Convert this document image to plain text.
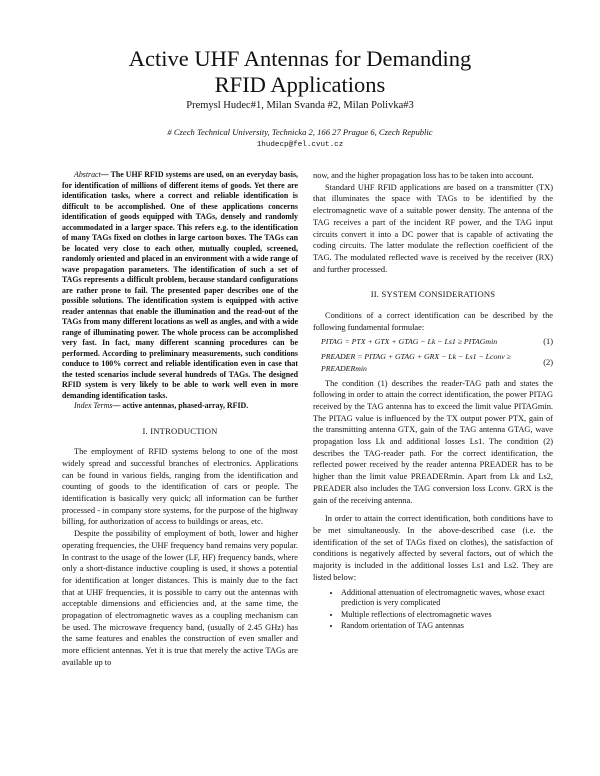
Active UHF Antennas for Demanding
RFID Applications
Premysl Hudec#1, Milan Svanda #2, Milan Polivka#3
# Czech Technical University, Technicka 2, 166 27 Prague 6, Czech Republic
1hudecp@fel.cvut.cz

Abstract— The UHF RFID systems are used, on an everyday basis, for identification of millions of different items of goods. Yet there are identification tasks, where a correct and reliable identification is difficult to be accomplished. One of these applications concerns identification of goods equipped with TAGs, densely and randomly accommodated in a larger space. This refers e.g. to the identification of many TAGs fixed on clothes in large cartoon boxes. The TAGs can be located very close to each other, mutually coupled, screened, randomly oriented and placed in an environment with a wide range of wave propagation parameters. The identification of such a set of TAGs represents a difficult problem, because standard configurations are rather prone to fail. The presented paper describes one of the possible solutions. The identification system is equipped with active reader antennas that enable the illumination and the read-out of the TAGs from many different locations as well as angles, and with a wide range of illuminating power. The whole process can be accomplished very fast. In fact, many different scanning procedures can be performed. According to preliminary measurements, such conditions conduce to 100% correct and reliable identification even in case that the tested scenarios include several hundreds of TAGs. The designed RFID system is very likely to be able to work well even in more demanding identification tasks.

Index Terms— active antennas, phased-array, RFID.

I. INTRODUCTION

The employment of RFID systems belong to one of the most widely spread and successful branches of electronics. Applications can be found in various fields, ranging from the identification and counting of goods to the identification of cars or people. The identification is basically very quick; all information can be further processed - in company store systems, for the purpose of the highway billing, for authorization of access to buildings or areas, etc.

Despite the possibility of employment of both, lower and higher operating frequencies, the UHF frequency band remains very popular. In contrast to the usage of the lower (LF, HF) frequency bands, where only a short-distance inductive coupling is used, it shows a potential for identification at longer distances. This is mainly due to the fact that at UHF frequencies, it is possible to carry out the antennas with acceptable dimensions and efficiencies and, at the same time, the propagation of electromagnetic waves as a coupling mechanism can be used. The microwave frequency band, (usually of 2.45 GHz) has the same features and enables the construction of even smaller and more efficient antennas. Yet it is true that merely the active TAGs are available up to

now, and the higher propagation loss has to be taken into account.

Standard UHF RFID applications are based on a transmitter (TX) that illuminates the space with TAGs to be identified by the electromagnetic wave of a suitable power density. The antenna of the TAG receives a part of the incident RF power, and the TAG input circuits convert it into a DC power that is capable of activating the coding circuits. The latter modulate the reflection coefficient of the TAG. The modulated reflected wave is received by the receiver (RX) and further processed.

II. SYSTEM CONSIDERATIONS

Conditions of a correct identification can be described by the following fundamental formulae:

PITAG = PTX + GTX + GTAG − Lk − Ls1 ≥ PITAGmin	(1)
PREADER = PITAG + GTAG + GRX − Lk − Ls1 − Lconv ≥ PREADERmin
(2)

The condition (1) describes the reader-TAG path and states the following in order to attain the correct identification, the power PITAG received by the TAG antenna has to exceed the limit value PITAGmin. The PITAG value is influenced by the TX output power PTX, gain of the transmitting antenna GTX, gain of the TAG antenna GTAG, wave propagation loss Lk and additional losses Ls1. The condition (2) describes the TAG-reader path. For the correct identification, the reflected power received by the reader antenna PREADER has to be higher than the limit value PREADERmin. Apart from Lk and Ls2, PREADER also includes the TAG conversion loss Lconv. GRX is the gain of the receiving antenna.

In order to attain the correct identification, both conditions have to be met simultaneously. In the above-described case (i.e. the identification of the set of TAGs fixed on clothes), the satisfaction of conditions is negatively affected by several factors, out of which the majority is included in the additional losses Ls1 and Ls2. They are listed below:

• Additional attenuation of electromagnetic waves, whose exact prediction is very complicated
• Multiple reflections of electromagnetic waves
• Random orientation of TAG antennas
